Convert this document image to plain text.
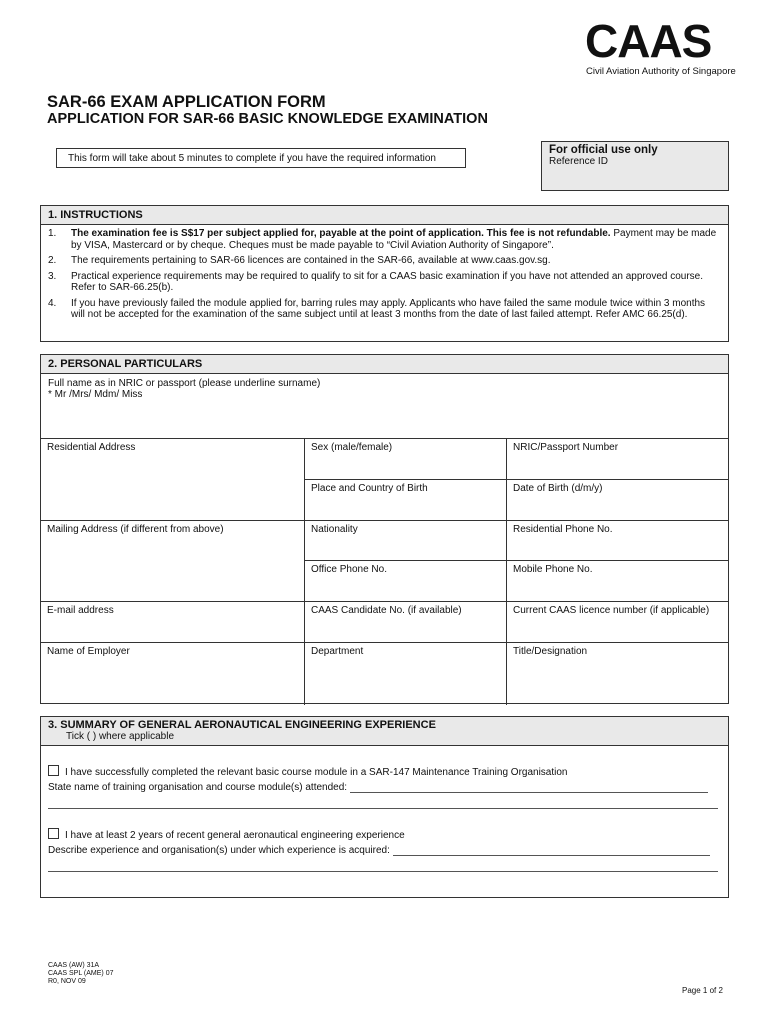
CAAS
Civil Aviation Authority of Singapore
SAR-66 EXAM APPLICATION FORM
APPLICATION FOR SAR-66 BASIC KNOWLEDGE EXAMINATION
This form will take about 5 minutes to complete if you have the required information
For official use only
Reference ID
1. INSTRUCTIONS
1.	The examination fee is S$17 per subject applied for, payable at the point of application. This fee is not refundable. Payment may be made by VISA, Mastercard or by cheque. Cheques must be made payable to “Civil Aviation Authority of Singapore”.
2.	The requirements pertaining to SAR-66 licences are contained in the SAR-66, available at www.caas.gov.sg.
3.	Practical experience requirements may be required to qualify to sit for a CAAS basic examination if you have not attended an approved course. Refer to SAR-66.25(b).
4.	If you have previously failed the module applied for, barring rules may apply. Applicants who have failed the same module twice within 3 months will not be accepted for the examination of the same subject until at least 3 months from the date of last failed attempt. Refer AMC 66.25(d).
2. PERSONAL PARTICULARS
Full name as in NRIC or passport (please underline surname)
* Mr /Mrs/ Mdm/ Miss
Residential Address	Sex (male/female)	NRIC/Passport Number
Place and Country of Birth	Date of Birth (d/m/y)
Mailing Address (if different from above)	Nationality	Residential Phone No.
Office Phone No.	Mobile Phone No.
E-mail address	CAAS Candidate No. (if available)	Current CAAS licence number (if applicable)
Name of Employer	Department	Title/Designation
3. SUMMARY OF GENERAL AERONAUTICAL ENGINEERING EXPERIENCE
Tick ( ) where applicable
I have successfully completed the relevant basic course module in a SAR-147 Maintenance Training Organisation
State name of training organisation and course module(s) attended:
I have at least 2 years of recent general aeronautical engineering experience
Describe experience and organisation(s) under which experience is acquired:
CAAS (AW) 31A
CAAS SPL (AME) 07
R0, NOV 09
Page 1 of 2
